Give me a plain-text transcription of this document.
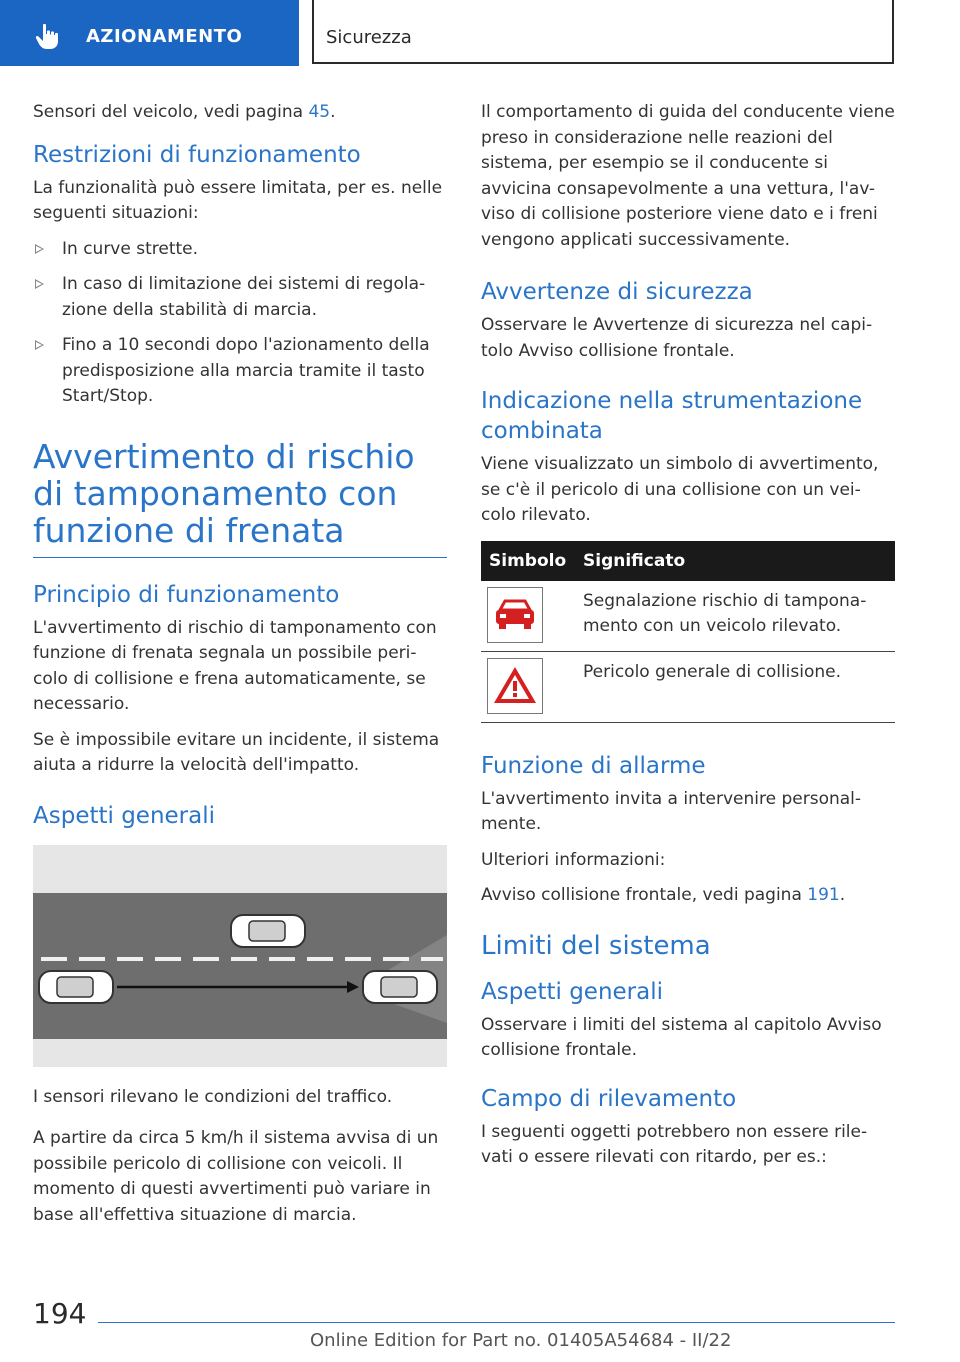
AZIONAMENTO	Sicurezza

Sensori del veicolo, vedi pagina 45.

Restrizioni di funzionamento

La funzionalità può essere limitata, per es. nelle seguenti situazioni:

In curve strette.
In caso di limitazione dei sistemi di regola- zione della stabilità di marcia.
Fino a 10 secondi dopo l'azionamento della predisposizione alla marcia tramite il tasto Start/Stop.
Avvertimento di rischio di tamponamento con funzione di frenata
Principio di funzionamento

L'avvertimento di rischio di tamponamento con funzione di frenata segnala un possibile peri- colo di collisione e frena automaticamente, se necessario.

Se è impossibile evitare un incidente, il sistema aiuta a ridurre la velocità dell'impatto.

Aspetti generali

I sensori rilevano le condizioni del traffico.

A partire da circa 5 km/h il sistema avvisa di un possibile pericolo di collisione con veicoli. Il momento di questi avvertimenti può variare in base all'effettiva situazione di marcia.

Il comportamento di guida del conducente viene preso in considerazione nelle reazioni del sistema, per esempio se il conducente si avvicina consapevolmente a una vettura, l'av- viso di collisione posteriore viene dato e i freni vengono applicati successivamente.

Avvertenze di sicurezza

Osservare le Avvertenze di sicurezza nel capi- tolo Avviso collisione frontale.

Indicazione nella strumentazione combinata

Viene visualizzato un simbolo di avvertimento, se c'è il pericolo di una collisione con un vei- colo rilevato.

Simbolo	Significato

	Segnalazione rischio di tampona- mento con un veicolo rilevato.

	Pericolo generale di collisione.
Funzione di allarme

L'avvertimento invita a intervenire personal- mente.

Ulteriori informazioni:

Avviso collisione frontale, vedi pagina 191.

Limiti del sistema
Aspetti generali

Osservare i limiti del sistema al capitolo Avviso collisione frontale.

Campo di rilevamento

I seguenti oggetti potrebbero non essere rile- vati o essere rilevati con ritardo, per es.:

194
Online Edition for Part no. 01405A54684 - II/22
